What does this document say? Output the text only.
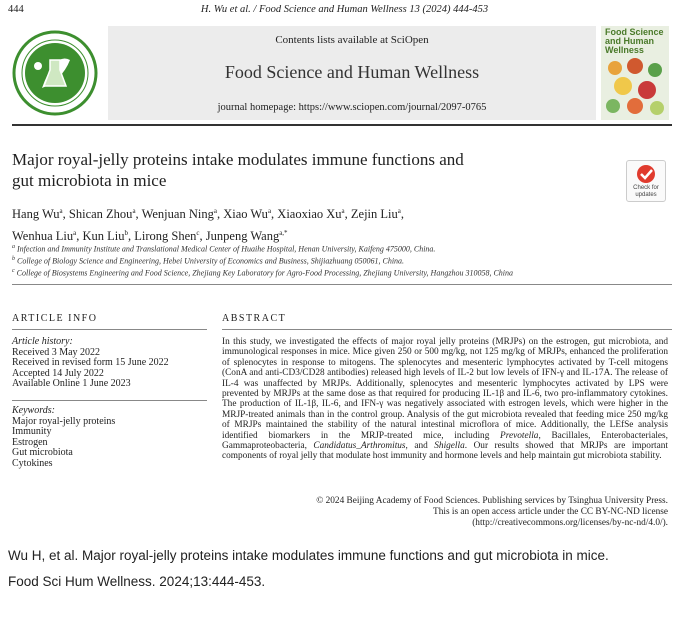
444	H. Wu et al. / Food Science and Human Wellness 13 (2024) 444-453
Contents lists available at SciOpen
Food Science and Human Wellness
journal homepage: https://www.sciopen.com/journal/2097-0765
Food Science and Human Wellness
Major royal-jelly proteins intake modulates immune functions and
gut microbiota in mice	Check for updates
Hang Wu$^a$, Shican Zhou$^a$, Wenjuan Ning$^a$, Xiao Wu$^a$, Xiaoxiao Xu$^a$, Zejin Liu$^a$,
Wenhua Liu$^a$, Kun Liu$^b$, Lirong Shen$^c$, Junpeng Wang$^{a,*}$
$^a$ Infection and Immunity Institute and Translational Medical Center of Huaihe Hospital, Henan University, Kaifeng 475000, China.
$^b$ College of Biology Science and Engineering, Hebei University of Economics and Business, Shijiazhuang 050061, China.
$^c$ College of Biosystems Engineering and Food Science, Zhejiang Key Laboratory for Agro-Food Processing, Zhejiang University, Hangzhou 310058, China
ARTICLE INFO
Article history:
Received 3 May 2022
Received in revised form 15 June 2022
Accepted 14 July 2022
Available Online 1 June 2023
Keywords:
Major royal-jelly proteins
Immunity
Estrogen
Gut microbiota
Cytokines
ABSTRACT
In this study, we investigated the effects of major royal jelly proteins (MRJPs) on the estrogen, gut microbiota, and immunological responses in mice. Mice given 250 or 500 mg/kg, not 125 mg/kg of MRJPs, enhanced the proliferation of splenocytes in response to mitogens. The splenocytes and mesenteric lymphocytes activated by T-cell mitogens (ConA and anti-CD3/CD28 antibodies) released high levels of IL-2 but low levels of IFN-γ and IL-17A. The release of IL-4 was unaffected by MRJPs. Additionally, splenocytes and mesenteric lymphocytes activated by LPS were prevented by MRJPs at the same dose as that required for producing IL-1β and IL-6, two pro-inflammatory cytokines. The production of IL-1β, IL-6, and IFN-γ was negatively associated with estrogen levels, which were higher in the MRJP-treated animals than in the control group. Analysis of the gut microbiota revealed that feeding mice 250 mg/kg of MRJPs maintained the stability of the natural intestinal microflora of mice. Additionally, the LEfSe analysis identified biomarkers in the MRJP-treated mice, including Prevotella, Bacillales, Enterobacteriales, Gammaproteobacteria, Candidatus_Arthromitus, and Shigella. Our results showed that MRJPs are important components of royal jelly that modulate host immunity and hormone levels and help maintain gut microbiota stability.
© 2024 Beijing Academy of Food Sciences. Publishing services by Tsinghua University Press.
This is an open access article under the CC BY-NC-ND license
(http://creativecommons.org/licenses/by-nc-nd/4.0/).
Wu H, et al. Major royal-jelly proteins intake modulates immune functions and gut microbiota in mice.
Food Sci Hum Wellness. 2024;13:444-453.
